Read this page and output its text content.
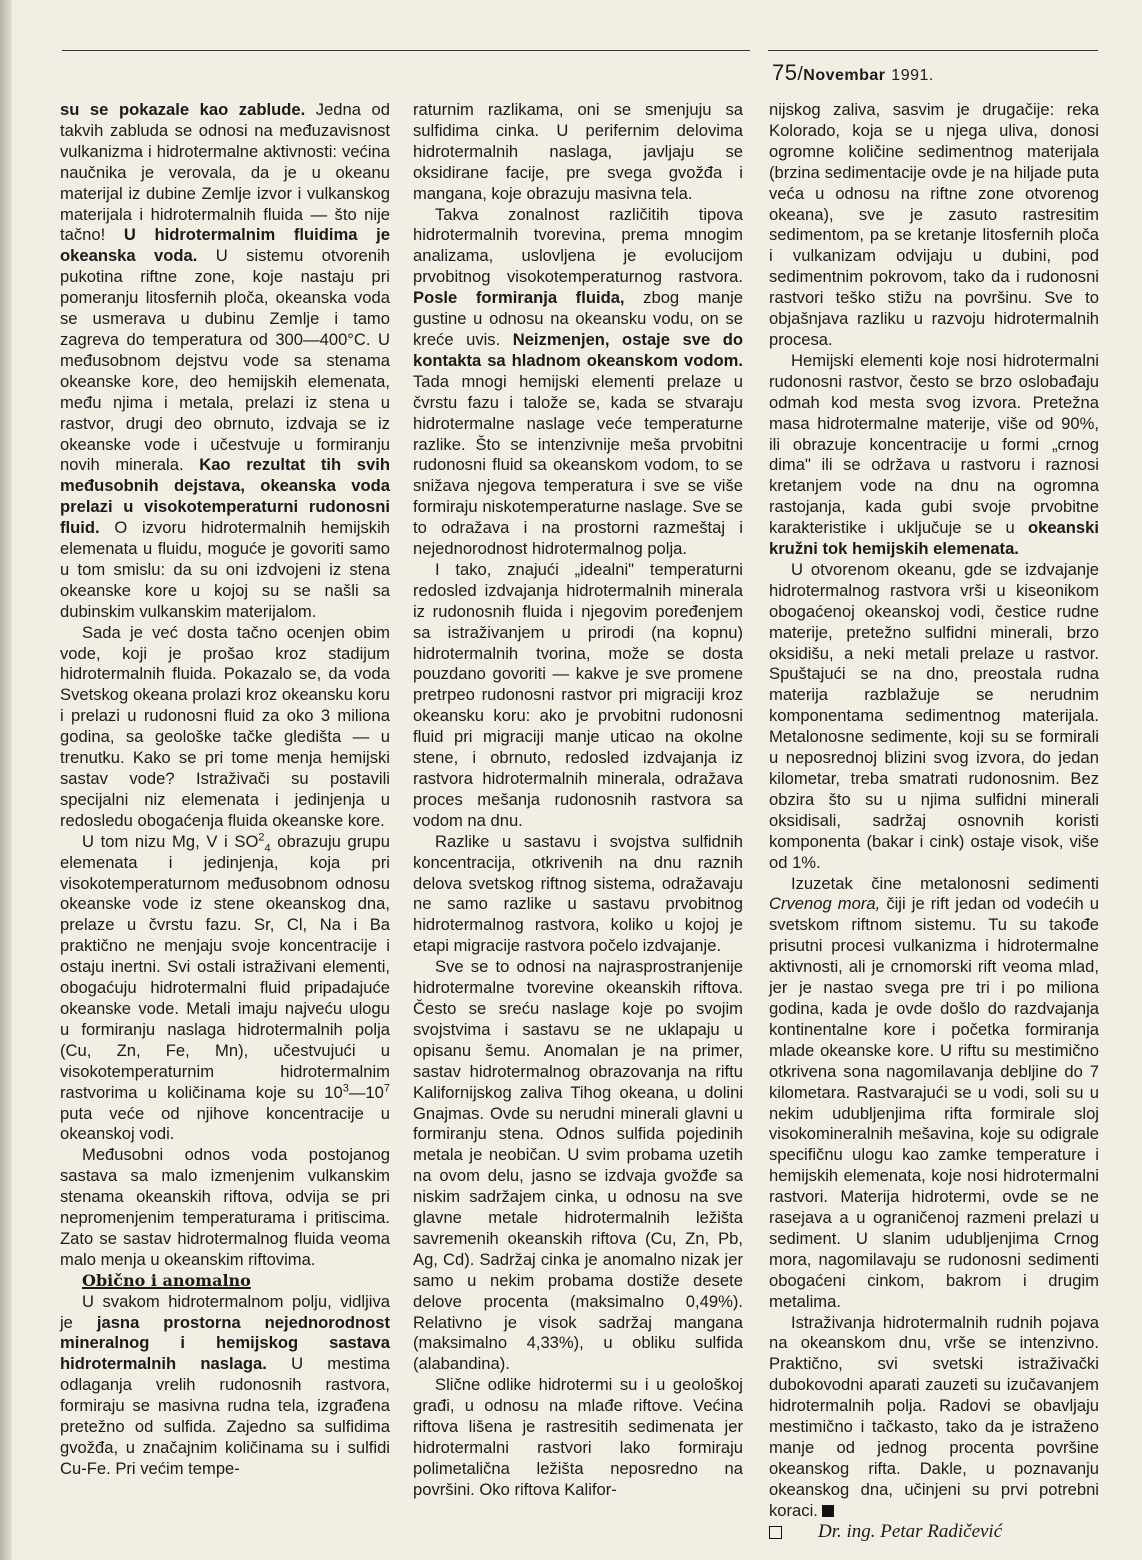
75/Novembar 1991.

su se pokazale kao zablude. Jedna od takvih zabluda se odnosi na međuzavisnost vulkanizma i hidrotermalne aktivnosti: većina naučnika je verovala, da je u okeanu materijal iz dubine Zemlje izvor i vulkanskog materijala i hidrotermalnih fluida — što nije tačno! U hidrotermalnim fluidima je okeanska voda. U sistemu otvorenih pukotina riftne zone, koje nastaju pri pomeranju litosfernih ploča, okeanska voda se usmerava u dubinu Zemlje i tamo zagreva do temperatura od 300—400°C. U međusobnom dejstvu vode sa stenama okeanske kore, deo hemijskih elemenata, među njima i metala, prelazi iz stena u rastvor, drugi deo obrnuto, izdvaja se iz okeanske vode i učestvuje u formiranju novih minerala. Kao rezultat tih svih međusobnih dejstava, okeanska voda prelazi u visokotemperaturni rudonosni fluid. O izvoru hidrotermalnih hemijskih elemenata u fluidu, moguće je govoriti samo u tom smislu: da su oni izdvojeni iz stena okeanske kore u kojoj su se našli sa dubinskim vulkanskim materijalom.

Sada je već dosta tačno ocenjen obim vode, koji je prošao kroz stadijum hidrotermalnih fluida. Pokazalo se, da voda Svetskog okeana prolazi kroz okeansku koru i prelazi u rudonosni fluid za oko 3 miliona godina, sa geološke tačke gledišta — u trenutku. Kako se pri tome menja hemijski sastav vode? Istraživači su postavili specijalni niz elemenata i jedinjenja u redosledu obogaćenja fluida okeanske kore.

U tom nizu Mg, V i $SO^2_4$ obrazuju grupu elemenata i jedinjenja, koja pri visokotemperaturnom međusobnom odnosu okeanske vode iz stene okeanskog dna, prelaze u čvrstu fazu. Sr, Cl, Na i Ba praktično ne menjaju svoje koncentracije i ostaju inertni. Svi ostali istraživani elementi, obogaćuju hidrotermalni fluid pripadajuće okeanske vode. Metali imaju najveću ulogu u formiranju naslaga hidrotermalnih polja (Cu, Zn, Fe, Mn), učestvujući u visokotemperaturnim hidrotermalnim rastvorima u količinama koje su $10^3—10^7$ puta veće od njihove koncentracije u okeanskoj vodi.

Međusobni odnos voda postojanog sastava sa malo izmenjenim vulkanskim stenama okeanskih riftova, odvija se pri nepromenjenim temperaturama i pritiscima. Zato se sastav hidrotermalnog fluida veoma malo menja u okeanskim riftovima.

Obično i anomalno

U svakom hidrotermalnom polju, vidljiva je jasna prostorna nejednorodnost mineralnog i hemijskog sastava hidrotermalnih naslaga. U mestima odlaganja vrelih rudonosnih rastvora, formiraju se masivna rudna tela, izgrađena pretežno od sulfida. Zajedno sa sulfidima gvožđa, u značajnim količinama su i sulfidi Cu-Fe. Pri većim tempe-

raturnim razlikama, oni se smenjuju sa sulfidima cinka. U perifernim delovima hidrotermalnih naslaga, javljaju se oksidirane facije, pre svega gvožđa i mangana, koje obrazuju masivna tela.

Takva zonalnost različitih tipova hidrotermalnih tvorevina, prema mnogim analizama, uslovljena je evolucijom prvobitnog visokotemperaturnog rastvora. Posle formiranja fluida, zbog manje gustine u odnosu na okeansku vodu, on se kreće uvis. Neizmenjen, ostaje sve do kontakta sa hladnom okeanskom vodom. Tada mnogi hemijski elementi prelaze u čvrstu fazu i talože se, kada se stvaraju hidrotermalne naslage veće temperaturne razlike. Što se intenzivnije meša prvobitni rudonosni fluid sa okeanskom vodom, to se snižava njegova temperatura i sve se više formiraju niskotemperaturne naslage. Sve se to odražava i na prostorni razmeštaj i nejednorodnost hidrotermalnog polja.

I tako, znajući „idealni" temperaturni redosled izdvajanja hidrotermalnih minerala iz rudonosnih fluida i njegovim poređenjem sa istraživanjem u prirodi (na kopnu) hidrotermalnih tvorina, može se dosta pouzdano govoriti — kakve je sve promene pretrpeo rudonosni rastvor pri migraciji kroz okeansku koru: ako je prvobitni rudonosni fluid pri migraciji manje uticao na okolne stene, i obrnuto, redosled izdvajanja iz rastvora hidrotermalnih minerala, odražava proces mešanja rudonosnih rastvora sa vodom na dnu.

Razlike u sastavu i svojstva sulfidnih koncentracija, otkrivenih na dnu raznih delova svetskog riftnog sistema, odražavaju ne samo razlike u sastavu prvobitnog hidrotermalnog rastvora, koliko u kojoj je etapi migracije rastvora počelo izdvajanje.

Sve se to odnosi na najrasprostranjenije hidrotermalne tvorevine okeanskih riftova. Često se sreću naslage koje po svojim svojstvima i sastavu se ne uklapaju u opisanu šemu. Anomalan je na primer, sastav hidrotermalnog obrazovanja na riftu Kalifornijskog zaliva Tihog okeana, u dolini Gnajmas. Ovde su nerudni minerali glavni u formiranju stena. Odnos sulfida pojedinih metala je neobičan. U svim probama uzetih na ovom delu, jasno se izdvaja gvožđe sa niskim sadržajem cinka, u odnosu na sve glavne metale hidrotermalnih ležišta savremenih okeanskih riftova (Cu, Zn, Pb, Ag, Cd). Sadržaj cinka je anomalno nizak jer samo u nekim probama dostiže desete delove procenta (maksimalno 0,49%). Relativno je visok sadržaj mangana (maksimalno 4,33%), u obliku sulfida (alabandina).

Slične odlike hidrotermi su i u geološkoj građi, u odnosu na mlađe riftove. Većina riftova lišena je rastresitih sedimenata jer hidrotermalni rastvori lako formiraju polimetalična ležišta neposredno na površini. Oko riftova Kalifor-

nijskog zaliva, sasvim je drugačije: reka Kolorado, koja se u njega uliva, donosi ogromne količine sedimentnog materijala (brzina sedimentacije ovde je na hiljade puta veća u odnosu na riftne zone otvorenog okeana), sve je zasuto rastresitim sedimentom, pa se kretanje litosfernih ploča i vulkanizam odvijaju u dubini, pod sedimentnim pokrovom, tako da i rudonosni rastvori teško stižu na površinu. Sve to objašnjava razliku u razvoju hidrotermalnih procesa.

Hemijski elementi koje nosi hidrotermalni rudonosni rastvor, često se brzo oslobađaju odmah kod mesta svog izvora. Pretežna masa hidrotermalne materije, više od 90%, ili obrazuje koncentracije u formi „crnog dima" ili se održava u rastvoru i raznosi kretanjem vode na dnu na ogromna rastojanja, kada gubi svoje prvobitne karakteristike i uključuje se u okeanski kružni tok hemijskih elemenata.

U otvorenom okeanu, gde se izdvajanje hidrotermalnog rastvora vrši u kiseonikom obogaćenoj okeanskoj vodi, čestice rudne materije, pretežno sulfidni minerali, brzo oksidišu, a neki metali prelaze u rastvor. Spuštajući se na dno, preostala rudna materija razblažuje se nerudnim komponentama sedimentnog materijala. Metalonosne sedimente, koji su se formirali u neposrednoj blizini svog izvora, do jedan kilometar, treba smatrati rudonosnim. Bez obzira što su u njima sulfidni minerali oksidisali, sadržaj osnovnih koristi komponenta (bakar i cink) ostaje visok, više od 1%.

Izuzetak čine metalonosni sedimenti Crvenog mora, čiji je rift jedan od vodećih u svetskom riftnom sistemu. Tu su takođe prisutni procesi vulkanizma i hidrotermalne aktivnosti, ali je crnomorski rift veoma mlad, jer je nastao svega pre tri i po miliona godina, kada je ovde došlo do razdvajanja kontinentalne kore i početka formiranja mlade okeanske kore. U riftu su mestimično otkrivena sona nagomilavanja debljine do 7 kilometara. Rastvarajući se u vodi, soli su u nekim udubljenjima rifta formirale sloj visokomineralnih mešavina, koje su odigrale specifičnu ulogu kao zamke temperature i hemijskih elemenata, koje nosi hidrotermalni rastvori. Materija hidrotermi, ovde se ne rasejava a u ograničenoj razmeni prelazi u sediment. U slanim udubljenjima Crnog mora, nagomilavaju se rudonosni sedimenti obogaćeni cinkom, bakrom i drugim metalima.

Istraživanja hidrotermalnih rudnih pojava na okeanskom dnu, vrše se intenzivno. Praktično, svi svetski istraživački dubokovodni aparati zauzeti su izučavanjem hidrotermalnih polja. Radovi se obavljaju mestimično i tačkasto, tako da je istraženo manje od jednog procenta površine okeanskog rifta. Dakle, u poznavanju okeanskog dna, učinjeni su prvi potrebni koraci.

Dr. ing. Petar Radičević
